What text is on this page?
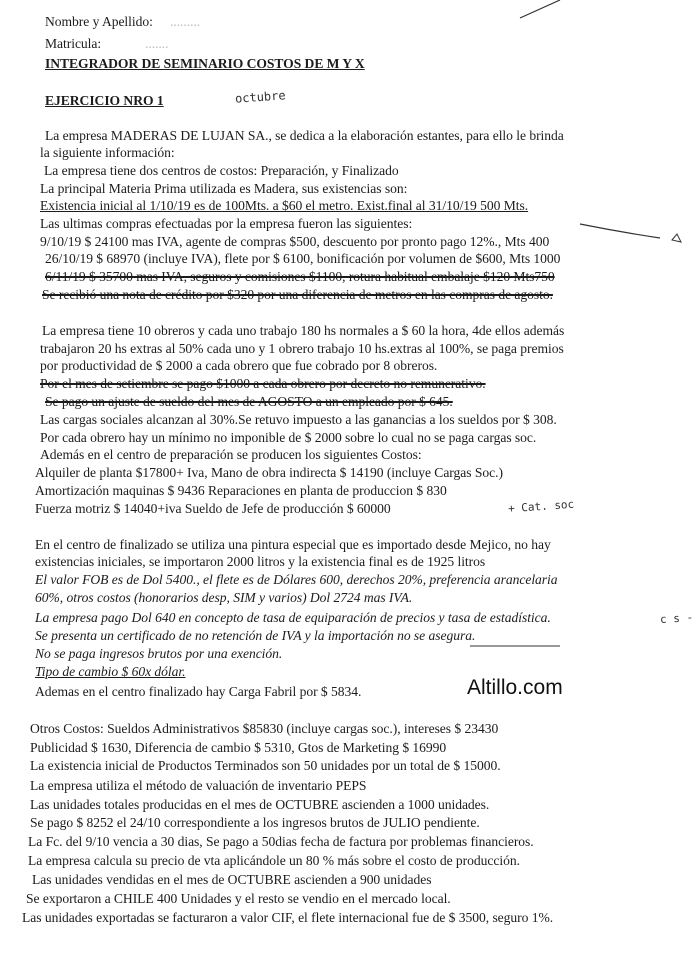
Nombre y Apellido:
Matricula:
.........
.......
INTEGRADOR DE SEMINARIO COSTOS DE M Y X
EJERCICIO NRO 1	octubre
La empresa MADERAS DE LUJAN SA., se dedica a la elaboración estantes, para ello le brinda
la siguiente información:
La empresa tiene dos centros de costos: Preparación, y Finalizado
La principal Materia Prima utilizada es Madera, sus existencias son:
Existencia inicial al 1/10/19 es de 100Mts. a $60 el metro. Exist.final al 31/10/19 500 Mts.
Las ultimas compras efectuadas por la empresa fueron las siguientes:
9/10/19 $ 24100 mas IVA, agente de compras $500, descuento por pronto pago 12%., Mts 400
26/10/19 $ 68970 (incluye IVA), flete por $ 6100, bonificación por volumen de $600, Mts 1000
6/11/19 $ 35700 mas IVA, seguros y comisiones $1100, rotura habitual embalaje $120 Mts750
Se recibió una nota de crédito por $320 por una diferencia de metros en las compras de agosto.
La empresa tiene 10 obreros y cada uno trabajo 180 hs normales a $ 60 la hora, 4de ellos además
trabajaron 20 hs extras al 50% cada uno y 1 obrero trabajo 10 hs.extras al 100%, se paga premios
por productividad de $ 2000 a cada obrero que fue cobrado por 8 obreros.
Por el mes de setiembre se pago $1000 a cada obrero por decreto no remunerativo.
Se pago un ajuste de sueldo del mes de AGOSTO a un empleado por $ 645.
Las cargas sociales alcanzan al 30%.Se retuvo impuesto a las ganancias a los sueldos por $ 308.
Por cada obrero hay un mínimo no imponible de $ 2000 sobre lo cual no se paga cargas soc.
Además en el centro de preparación se producen los siguientes Costos:
Alquiler de planta $17800+ Iva, Mano de obra indirecta $ 14190 (incluye Cargas Soc.)
Amortización maquinas $ 9436 Reparaciones en planta de produccion $ 830
Fuerza motriz $ 14040+iva Sueldo de Jefe de producción $ 60000	+ Cat. soc
En el centro de finalizado se utiliza una pintura especial que es importado desde Mejico, no hay
existencias iniciales, se importaron 2000 litros y la existencia final es de 1925 litros
El valor FOB es de Dol 5400., el flete es de Dólares 600, derechos 20%, preferencia arancelaria
60%, otros costos (honorarios desp, SIM y varios) Dol 2724 mas IVA.
La empresa pago Dol 640 en concepto de tasa de equiparación de precios y tasa de estadística.	c s -
Se presenta un certificado de no retención de IVA y la importación no se asegura.
No se paga ingresos brutos por una exención.
Tipo de cambio $ 60x dólar.
Ademas en el centro finalizado hay Carga Fabril por $ 5834.	Altillo.com
Otros Costos: Sueldos Administrativos $85830 (incluye cargas soc.), intereses $ 23430
Publicidad $ 1630, Diferencia de cambio $ 5310, Gtos de Marketing $ 16990
La existencia inicial de Productos Terminados son 50 unidades por un total de $ 15000.
La empresa utiliza el método de valuación de inventario PEPS
Las unidades totales producidas en el mes de OCTUBRE ascienden a 1000 unidades.
Se pago $ 8252 el 24/10 correspondiente a los ingresos brutos de JULIO pendiente.
La Fc. del 9/10 vencia a 30 dias, Se pago a 50dias fecha de factura por problemas financieros.
La empresa calcula su precio de vta aplicándole un 80 % más sobre el costo de producción.
Las unidades vendidas en el mes de OCTUBRE ascienden a 900 unidades
Se exportaron a CHILE 400 Unidades y el resto se vendio en el mercado local.
Las unidades exportadas se facturaron a valor CIF, el flete internacional fue de $ 3500, seguro 1%.
